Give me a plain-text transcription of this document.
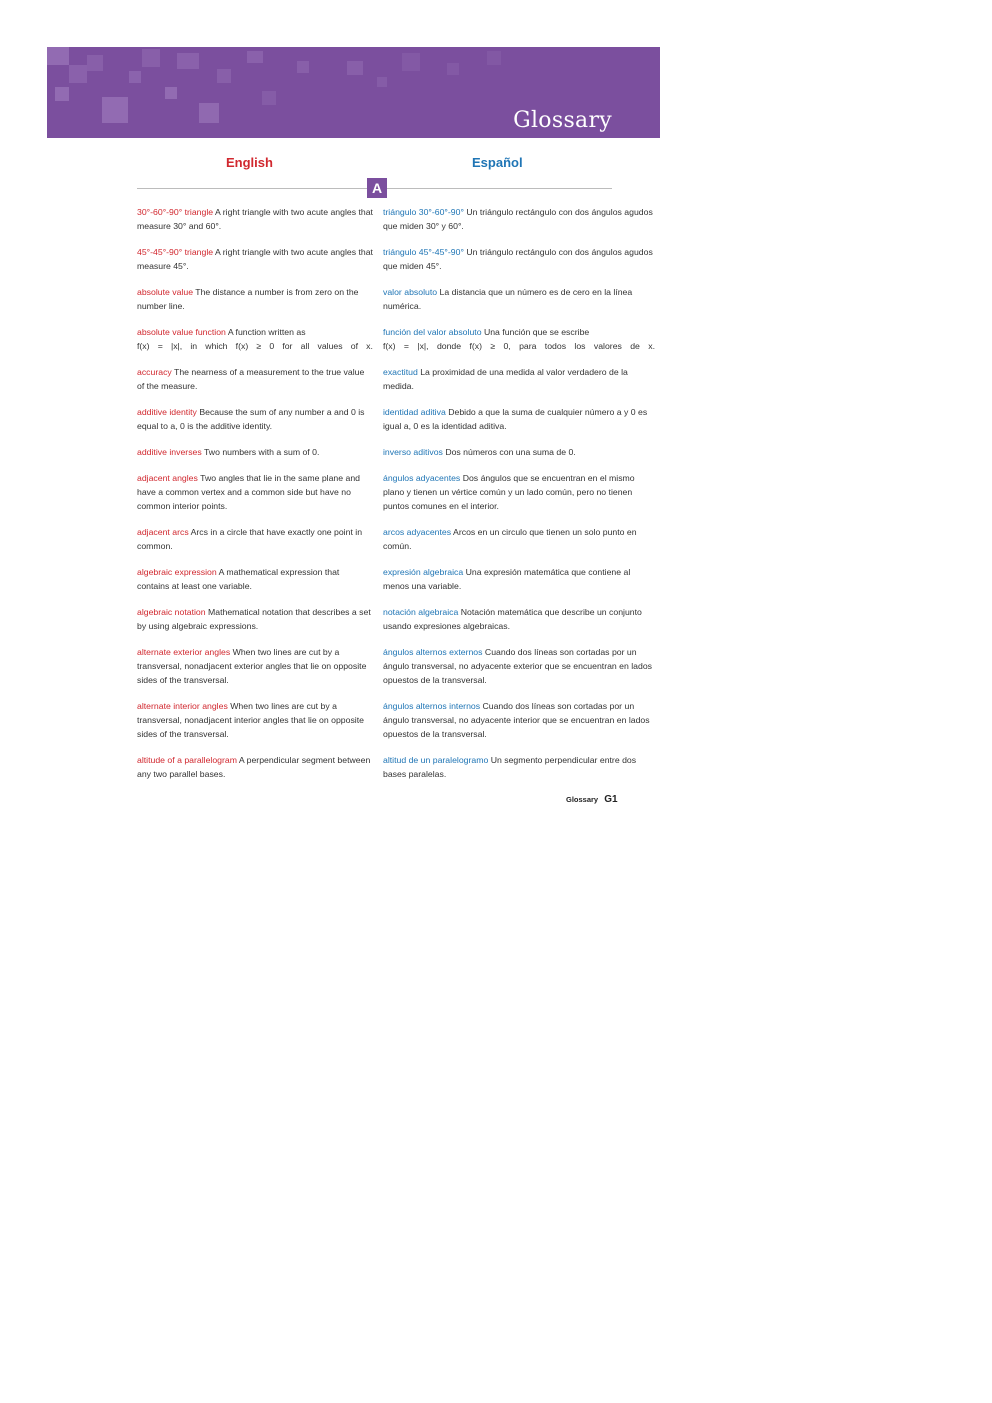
Glossary
English	Español
A
30°-60°-90° triangle A right triangle with two acute angles that measure 30° and 60°.
triángulo 30°-60°-90° Un triángulo rectángulo con dos ángulos agudos que miden 30° y 60°.
45°-45°-90° triangle A right triangle with two acute angles that measure 45°.
triángulo 45°-45°-90° Un triángulo rectángulo con dos ángulos agudos que miden 45°.
absolute value The distance a number is from zero on the number line.
valor absoluto La distancia que un número es de cero en la línea numérica.
absolute value function A function written as
f(x) = |x|, in which f(x) ≥ 0 for all values of x.
función del valor absoluto Una función que se escribe
f(x) = |x|, donde f(x) ≥ 0, para todos los valores de x.
accuracy The nearness of a measurement to the true value of the measure.
exactitud La proximidad de una medida al valor verdadero de la medida.
additive identity Because the sum of any number a and 0 is equal to a, 0 is the additive identity.
identidad aditiva Debido a que la suma de cualquier número a y 0 es igual a, 0 es la identidad aditiva.
additive inverses Two numbers with a sum of 0.	inverso aditivos Dos números con una suma de 0.
adjacent angles Two angles that lie in the same plane and have a common vertex and a common side but have no common interior points.
ángulos adyacentes Dos ángulos que se encuentran en el mismo plano y tienen un vértice común y un lado común, pero no tienen puntos comunes en el interior.
adjacent arcs Arcs in a circle that have exactly one point in common.
arcos adyacentes Arcos en un circulo que tienen un solo punto en común.
algebraic expression A mathematical expression that contains at least one variable.
expresión algebraica Una expresión matemática que contiene al menos una variable.
algebraic notation Mathematical notation that describes a set by using algebraic expressions.
notación algebraica Notación matemática que describe un conjunto usando expresiones algebraicas.
alternate exterior angles When two lines are cut by a transversal, nonadjacent exterior angles that lie on opposite sides of the transversal.
ángulos alternos externos Cuando dos líneas son cortadas por un ángulo transversal, no adyacente exterior que se encuentran en lados opuestos de la transversal.
alternate interior angles When two lines are cut by a transversal, nonadjacent interior angles that lie on opposite sides of the transversal.
ángulos alternos internos Cuando dos líneas son cortadas por un ángulo transversal, no adyacente interior que se encuentran en lados opuestos de la transversal.
altitude of a parallelogram A perpendicular segment between any two parallel bases.
altitud de un paralelogramo Un segmento perpendicular entre dos bases paralelas.
Glossary G1
